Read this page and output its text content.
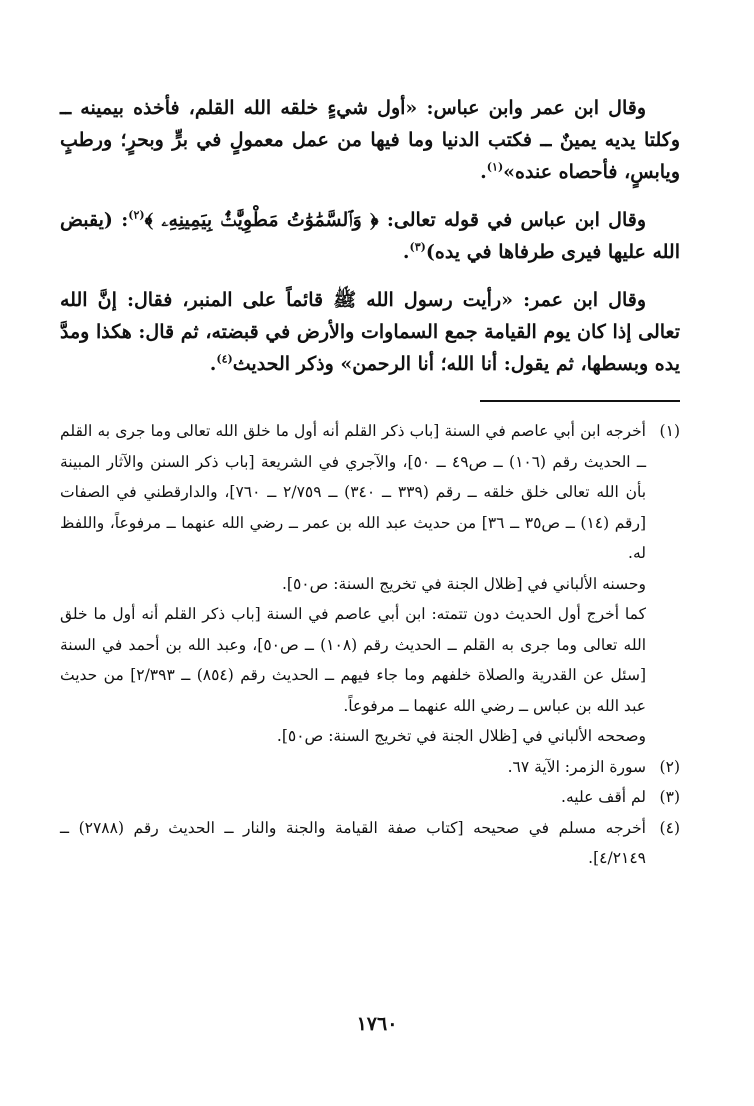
وقال ابن عمر وابن عباس: «أول شيءٍ خلقه الله القلم، فأخذه بيمينه ــ وكلتا يديه يمينٌ ــ فكتب الدنيا وما فيها من عمل معمولٍ في برٍّ وبحرٍ؛ ورطبٍ ويابسٍ، فأحصاه عنده»$^{(١)}$.

وقال ابن عباس في قوله تعالى: ﴿ وَٱلسَّمَٰوَٰتُ مَطْوِيَّٰتٌۢ بِيَمِينِهِۦ ﴾$^{(٢)}$: (يقبض الله عليها فيرى طرفاها في يده)$^{(٣)}$.

وقال ابن عمر: «رأيت رسول الله ﷺ قائماً على المنبر، فقال: إنَّ الله تعالى إذا كان يوم القيامة جمع السماوات والأرض في قبضته، ثم قال: هكذا ومدَّ يده وبسطها، ثم يقول: أنا الله؛ أنا الرحمن» وذكر الحديث$^{(٤)}$.

(١)
أخرجه ابن أبي عاصم في السنة [باب ذكر القلم أنه أول ما خلق الله تعالى وما جرى به القلم ــ الحديث رقم (١٠٦) ــ ص٤٩ ــ ٥٠]، والآجري في الشريعة [باب ذكر السنن والآثار المبينة بأن الله تعالى خلق خلقه ــ رقم (٣٣٩ ــ ٣٤٠) ــ ٢/٧٥٩ ــ ٧٦٠]، والدارقطني في الصفات [رقم (١٤) ــ ص٣٥ ــ ٣٦] من حديث عبد الله بن عمر ــ رضي الله عنهما ــ مرفوعاً، واللفظ له.
وحسنه الألباني في [ظلال الجنة في تخريج السنة: ص٥٠].
كما أخرج أول الحديث دون تتمته: ابن أبي عاصم في السنة [باب ذكر القلم أنه أول ما خلق الله تعالى وما جرى به القلم ــ الحديث رقم (١٠٨) ــ ص٥٠]، وعبد الله بن أحمد في السنة [سئل عن القدرية والصلاة خلفهم وما جاء فيهم ــ الحديث رقم (٨٥٤) ــ ٢/٣٩٣] من حديث عبد الله بن عباس ــ رضي الله عنهما ــ مرفوعاً.
وصححه الألباني في [ظلال الجنة في تخريج السنة: ص٥٠].
(٢)
سورة الزمر: الآية ٦٧.
(٣)
لم أقف عليه.
(٤)
أخرجه مسلم في صحيحه [كتاب صفة القيامة والجنة والنار ــ الحديث رقم (٢٧٨٨) ــ ٤/٢١٤٩].
١٧٦٠
